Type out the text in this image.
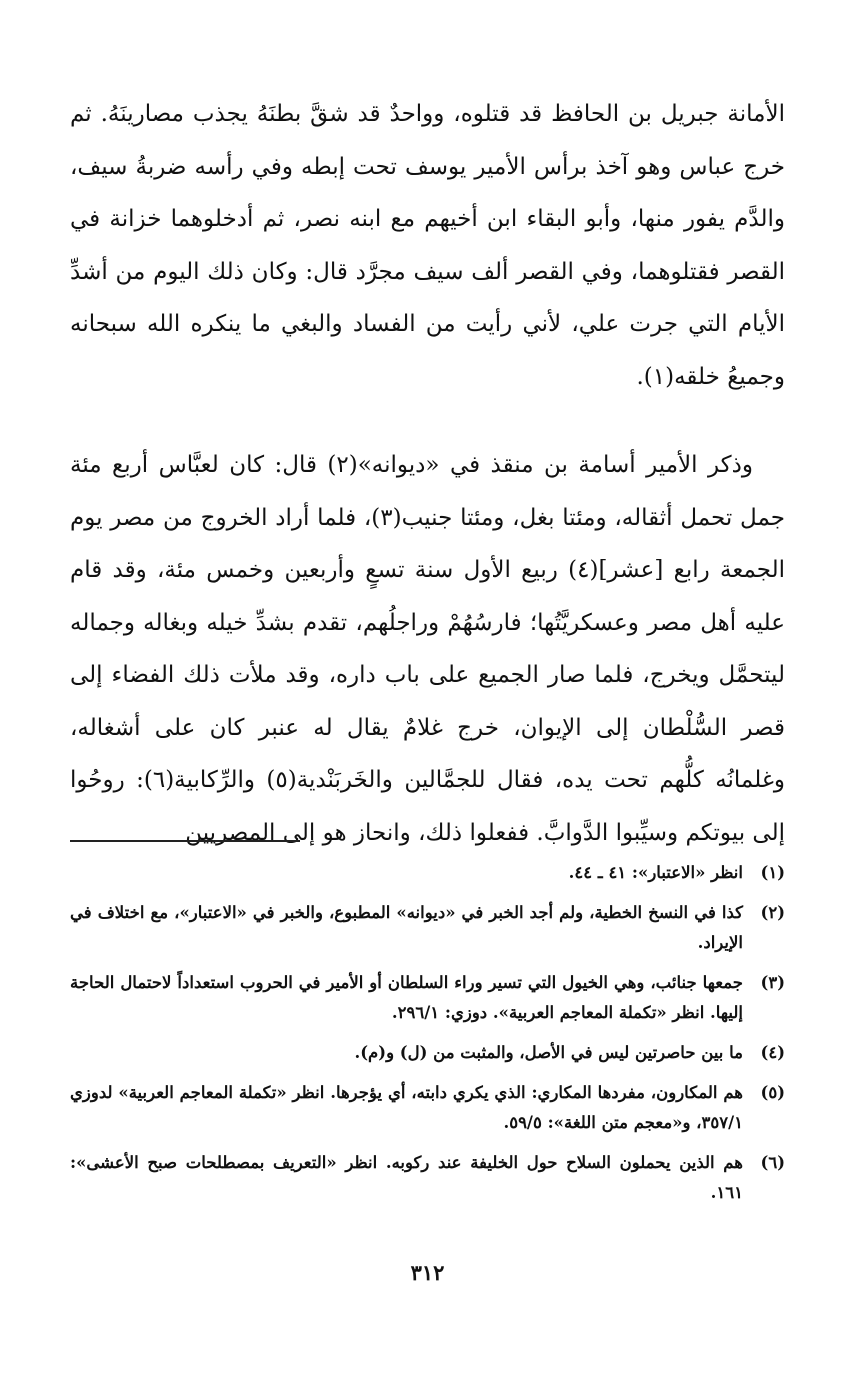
الأمانة جبريل بن الحافظ قد قتلوه، وواحدٌ قد شقَّ بطنَهُ يجذب مصارينَهُ. ثم خرج عباس وهو آخذ برأس الأمير يوسف تحت إبطه وفي رأسه ضربةُ سيف، والدَّم يفور منها، وأبو البقاء ابن أخيهم مع ابنه نصر، ثم أدخلوهما خزانة في القصر فقتلوهما، وفي القصر ألف سيف مجرَّد قال: وكان ذلك اليوم من أشدِّ الأيام التي جرت علي، لأني رأيت من الفساد والبغي ما ينكره الله سبحانه وجميعُ خلقه(١).

وذكر الأمير أسامة بن منقذ في «ديوانه»(٢) قال: كان لعبَّاس أربع مئة جمل تحمل أثقاله، ومئتا بغل، ومئتا جنيب(٣)، فلما أراد الخروج من مصر يوم الجمعة رابع [عشر](٤) ربيع الأول سنة تسعٍ وأربعين وخمس مئة، وقد قام عليه أهل مصر وعسكريَّتُها؛ فارسُهُمْ وراجلُهم، تقدم بشدِّ خيله وبغاله وجماله ليتحمَّل ويخرج، فلما صار الجميع على باب داره، وقد ملأت ذلك الفضاء إلى قصر السُّلْطان إلى الإيوان، خرج غلامٌ يقال له عنبر كان على أشغاله، وغلمانُه كلُّهم تحت يده، فقال للجمَّالين والخَربَنْدية(٥) والرِّكابية(٦): روحُوا إلى بيوتكم وسيِّبوا الدَّوابَّ. ففعلوا ذلك، وانحاز هو إلى المصريين

(١)
انظر «الاعتبار»: ٤١ ـ ٤٤.
(٢)
كذا في النسخ الخطية، ولم أجد الخبر في «ديوانه» المطبوع، والخبر في «الاعتبار»، مع اختلاف في الإيراد.
(٣)
جمعها جنائب، وهي الخيول التي تسير وراء السلطان أو الأمير في الحروب استعداداً لاحتمال الحاجة إليها. انظر «تكملة المعاجم العربية». دوزي: ٢٩٦/١.
(٤)
ما بين حاصرتين ليس في الأصل، والمثبت من (ل) و(م).
(٥)
هم المكارون، مفردها المكاري: الذي يكري دابته، أي يؤجرها. انظر «تكملة المعاجم العربية» لدوزي ٣٥٧/١، و«معجم متن اللغة»: ٥٩/٥.
(٦)
هم الذين يحملون السلاح حول الخليفة عند ركوبه. انظر «التعريف بمصطلحات صبح الأعشى»: ١٦١.
٣١٢
